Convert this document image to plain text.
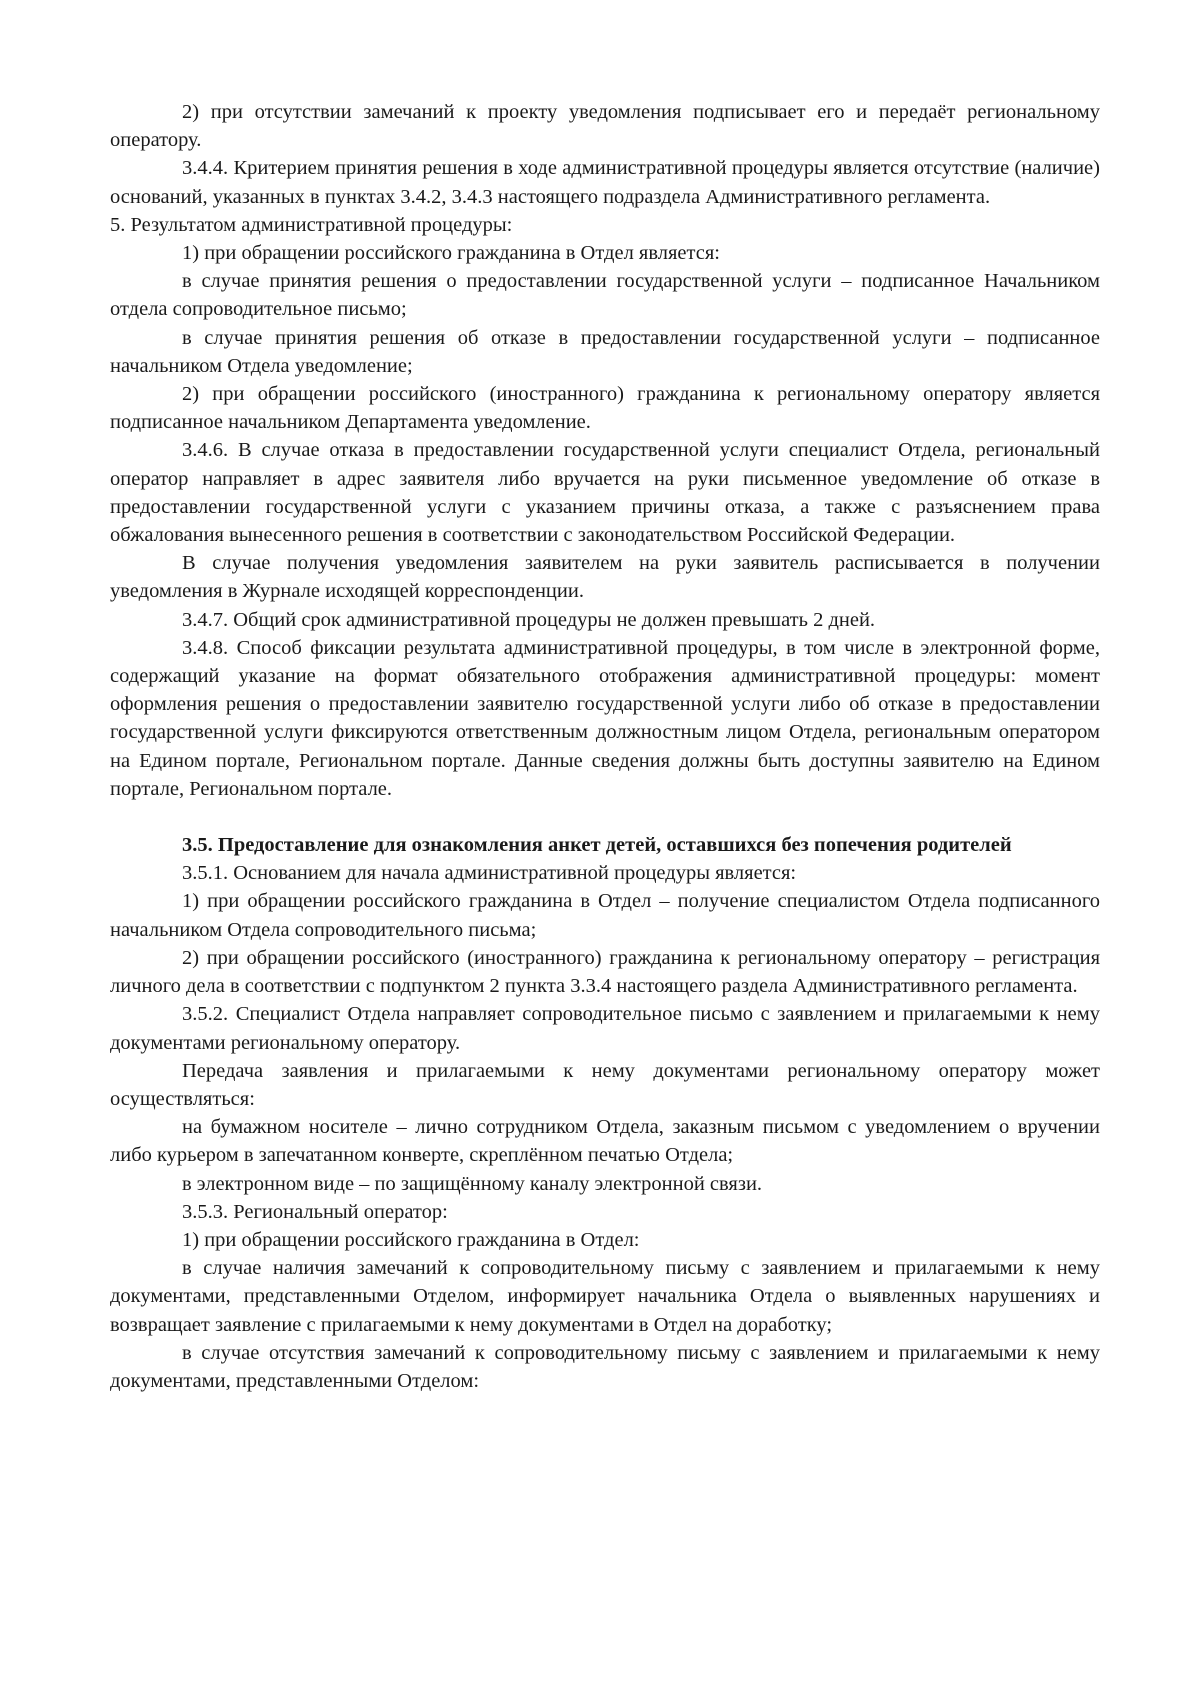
2) при отсутствии замечаний к проекту уведомления подписывает его и передаёт региональному оператору.

3.4.4. Критерием принятия решения в ходе административной процедуры является отсутствие (наличие) оснований, указанных в пунктах 3.4.2, 3.4.3 настоящего подраздела Административного регламента.

5. Результатом административной процедуры:

1) при обращении российского гражданина в Отдел является:

в случае принятия решения о предоставлении государственной услуги – подписанное Начальником отдела сопроводительное письмо;

в случае принятия решения об отказе в предоставлении государственной услуги – подписанное начальником Отдела уведомление;

2) при обращении российского (иностранного) гражданина к региональному оператору является подписанное начальником Департамента уведомление.

3.4.6. В случае отказа в предоставлении государственной услуги специалист Отдела, региональный оператор направляет в адрес заявителя либо вручается на руки письменное уведомление об отказе в предоставлении государственной услуги с указанием причины отказа, а также с разъяснением права обжалования вынесенного решения в соответствии с законодательством Российской Федерации.

В случае получения уведомления заявителем на руки заявитель расписывается в получении уведомления в Журнале исходящей корреспонденции.

3.4.7. Общий срок административной процедуры не должен превышать 2 дней.

3.4.8. Способ фиксации результата административной процедуры, в том числе в электронной форме, содержащий указание на формат обязательного отображения административной процедуры: момент оформления решения о предоставлении заявителю государственной услуги либо об отказе в предоставлении государственной услуги фиксируются ответственным должностным лицом Отдела, региональным оператором на Едином портале, Региональном портале. Данные сведения должны быть доступны заявителю на Едином портале, Региональном портале.

3.5. Предоставление для ознакомления анкет детей, оставшихся без попечения родителей

3.5.1. Основанием для начала административной процедуры является:

1) при обращении российского гражданина в Отдел – получение специалистом Отдела подписанного начальником Отдела сопроводительного письма;

2) при обращении российского (иностранного) гражданина к региональному оператору – регистрация личного дела в соответствии с подпунктом 2 пункта 3.3.4 настоящего раздела Административного регламента.

3.5.2. Специалист Отдела направляет сопроводительное письмо с заявлением и прилагаемыми к нему документами региональному оператору.

Передача заявления и прилагаемыми к нему документами региональному оператору может осуществляться:

на бумажном носителе – лично сотрудником Отдела, заказным письмом с уведомлением о вручении либо курьером в запечатанном конверте, скреплённом печатью Отдела;

в электронном виде – по защищённому каналу электронной связи.

3.5.3. Региональный оператор:

1) при обращении российского гражданина в Отдел:

в случае наличия замечаний к сопроводительному письму с заявлением и прилагаемыми к нему документами, представленными Отделом, информирует начальника Отдела о выявленных нарушениях и возвращает заявление с прилагаемыми к нему документами в Отдел на доработку;

в случае отсутствия замечаний к сопроводительному письму с заявлением и прилагаемыми к нему документами, представленными Отделом:
